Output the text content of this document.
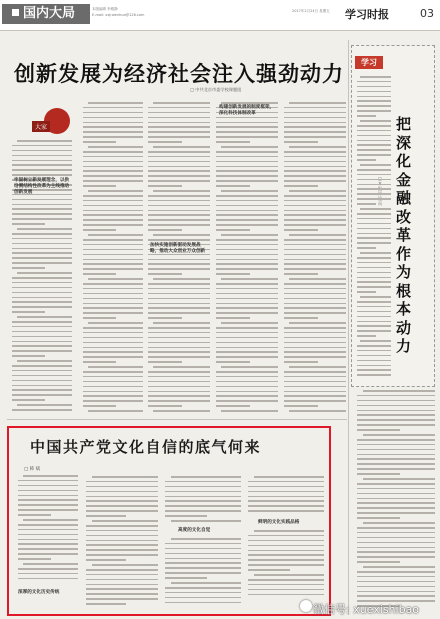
国内大局	本版编辑 李雅静
E-mail: xxjrwenhua@126.com
2017年2月24日 星期五 学习时报	03
创新发展为经济社会注入强劲动力
□ 中共北京市委学校课题组
大家
牢固树立新发展理念，以供给侧结构性改革为主线推动创新发展
加快实施创新驱动发展战略，推动大众创业万众创新
构建创新发展的制度框架，深化科技体制改革
学习
把深化金融改革作为根本动力
员
中国共产党文化自信的底气何来
□ 韩 斌
深厚的文化历史传统
高度的文化自觉
鲜明的文化实践品格
微信号: xuexishibao
